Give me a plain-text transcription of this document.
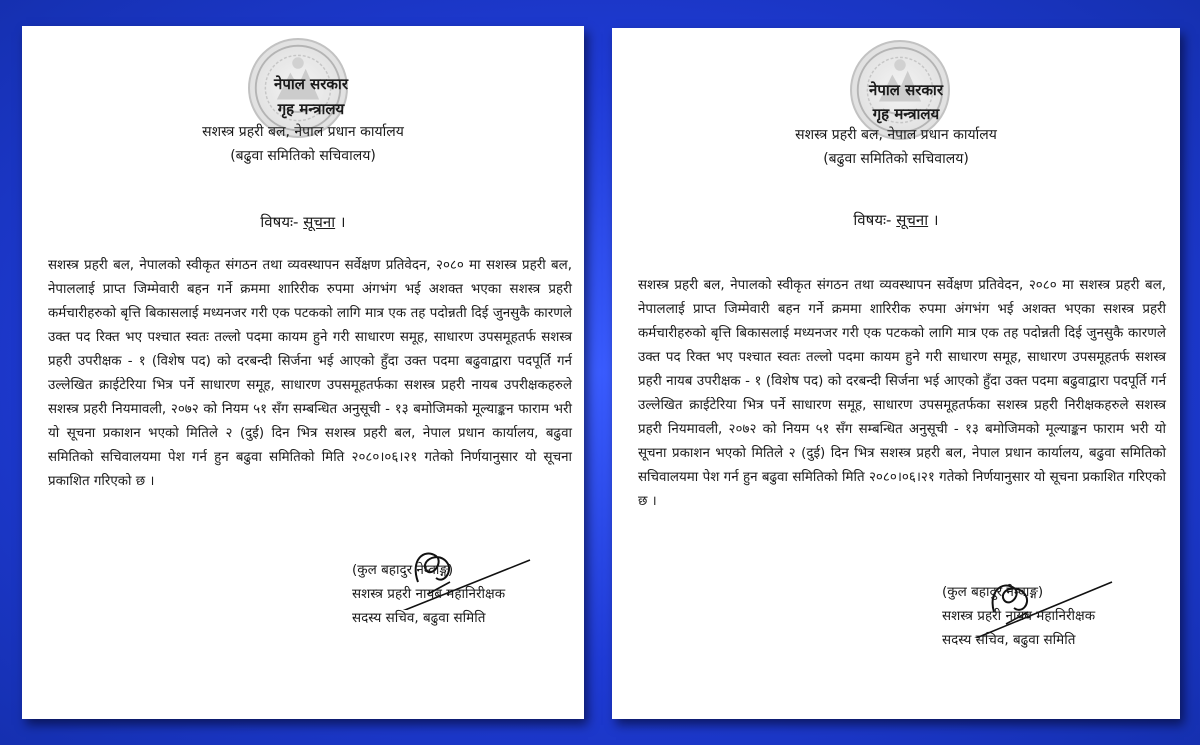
नेपाल सरकार
गृह मन्त्रालय
सशस्त्र प्रहरी बल, नेपाल प्रधान कार्यालय
(बढुवा समितिको सचिवालय)
विषयः- सूचना ।
सशस्त्र प्रहरी बल, नेपालको स्वीकृत संगठन तथा व्यवस्थापन सर्वेक्षण प्रतिवेदन, २०८० मा सशस्त्र प्रहरी बल, नेपाललाई प्राप्त जिम्मेवारी बहन गर्ने क्रममा शारिरीक रुपमा अंगभंग भई अशक्त भएका सशस्त्र प्रहरी कर्मचारीहरुको बृत्ति बिकासलाई मध्यनजर गरी एक पटकको लागि मात्र एक तह पदोन्नती दिई जुनसुकै कारणले उक्त पद रिक्त भए पश्चात स्वतः तल्लो पदमा कायम हुने गरी साधारण समूह, साधारण उपसमूहतर्फ सशस्त्र प्रहरी उपरीक्षक - १ (विशेष पद) को दरबन्दी सिर्जना भई आएको हुँदा उक्त पदमा बढुवाद्वारा पदपूर्ति गर्न उल्लेखित क्राईटेरिया भित्र पर्ने साधारण समूह, साधारण उपसमूहतर्फका सशस्त्र प्रहरी नायब उपरीक्षकहरुले सशस्त्र प्रहरी नियमावली, २०७२ को नियम ५१ सँग सम्बन्धित अनुसूची - १३ बमोजिमको मूल्याङ्कन फाराम भरी यो सूचना प्रकाशन भएको मितिले २ (दुई) दिन भित्र सशस्त्र प्रहरी बल, नेपाल प्रधान कार्यालय, बढुवा समितिको सचिवालयमा पेश गर्न हुन बढुवा समितिको मिति २०८०।०६।२१ गतेको निर्णयानुसार यो सूचना प्रकाशित गरिएको छ ।
(कुल बहादुर नेम्वाङ्ग)
सशस्त्र प्रहरी नायब महानिरीक्षक
सदस्य सचिव, बढुवा समिति
नेपाल सरकार
गृह मन्त्रालय
सशस्त्र प्रहरी बल, नेपाल प्रधान कार्यालय
(बढुवा समितिको सचिवालय)
विषयः- सूचना ।
सशस्त्र प्रहरी बल, नेपालको स्वीकृत संगठन तथा व्यवस्थापन सर्वेक्षण प्रतिवेदन, २०८० मा सशस्त्र प्रहरी बल, नेपाललाई प्राप्त जिम्मेवारी बहन गर्ने क्रममा शारिरीक रुपमा अंगभंग भई अशक्त भएका सशस्त्र प्रहरी कर्मचारीहरुको बृत्ति बिकासलाई मध्यनजर गरी एक पटकको लागि मात्र एक तह पदोन्नती दिई जुनसुकै कारणले उक्त पद रिक्त भए पश्चात स्वतः तल्लो पदमा कायम हुने गरी साधारण समूह, साधारण उपसमूहतर्फ सशस्त्र प्रहरी नायब उपरीक्षक - १ (विशेष पद) को दरबन्दी सिर्जना भई आएको हुँदा उक्त पदमा बढुवाद्वारा पदपूर्ति गर्न उल्लेखित क्राईटेरिया भित्र पर्ने साधारण समूह, साधारण उपसमूहतर्फका सशस्त्र प्रहरी निरीक्षकहरुले सशस्त्र प्रहरी नियमावली, २०७२ को नियम ५१ सँग सम्बन्धित अनुसूची - १३ बमोजिमको मूल्याङ्कन फाराम भरी यो सूचना प्रकाशन भएको मितिले २ (दुई) दिन भित्र सशस्त्र प्रहरी बल, नेपाल प्रधान कार्यालय, बढुवा समितिको सचिवालयमा पेश गर्न हुन बढुवा समितिको मिति २०८०।०६।२१ गतेको निर्णयानुसार यो सूचना प्रकाशित गरिएको छ ।
(कुल बहादुर नेम्वाङ्ग)
सशस्त्र प्रहरी नायब महानिरीक्षक
सदस्य सचिव, बढुवा समिति
